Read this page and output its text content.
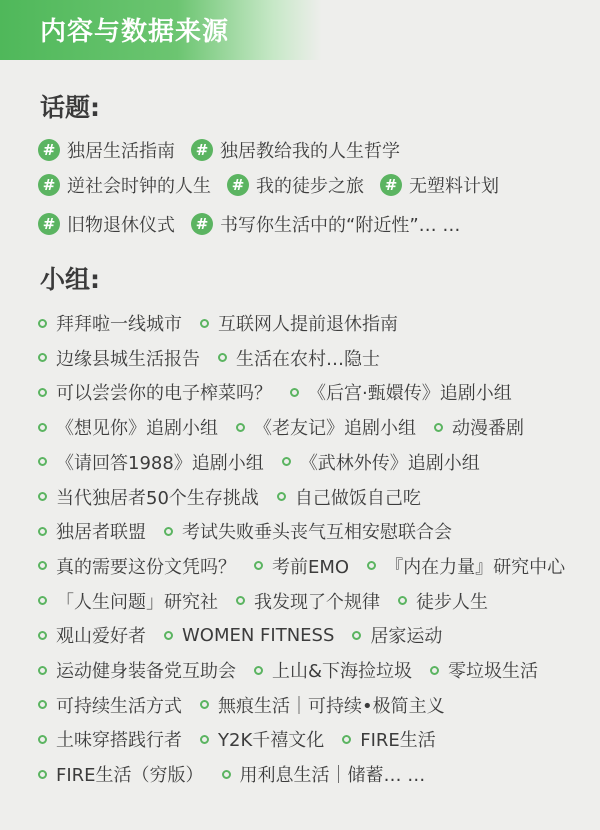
内容与数据来源
话题:
# 独居生活指南	# 独居教给我的人生哲学
# 逆社会时钟的人生	# 我的徒步之旅	# 无塑料计划
# 旧物退休仪式	# 书写你生活中的“附近性”… …
小组:
拜拜啦一线城市 互联网人提前退休指南
边缘县城生活报告 生活在农村…隐士
可以尝尝你的电子榨菜吗？ 《后宫·甄嬛传》追剧小组
《想见你》追剧小组 《老友记》追剧小组 动漫番剧
《请回答1988》追剧小组 《武林外传》追剧小组
当代独居者50个生存挑战 自己做饭自己吃
独居者联盟 考试失败垂头丧气互相安慰联合会
真的需要这份文凭吗？ 考前EMO 『内在力量』研究中心
「人生问题」研究社 我发现了个规律 徒步人生
观山爱好者 WOMEN FITNESS 居家运动
运动健身装备党互助会 上山&下海捡垃圾 零垃圾生活
可持续生活方式 無痕生活｜可持续•极简主义
土味穿搭践行者 Y2K千禧文化 FIRE生活
FIRE生活（穷版） 用利息生活｜储蓄… …
